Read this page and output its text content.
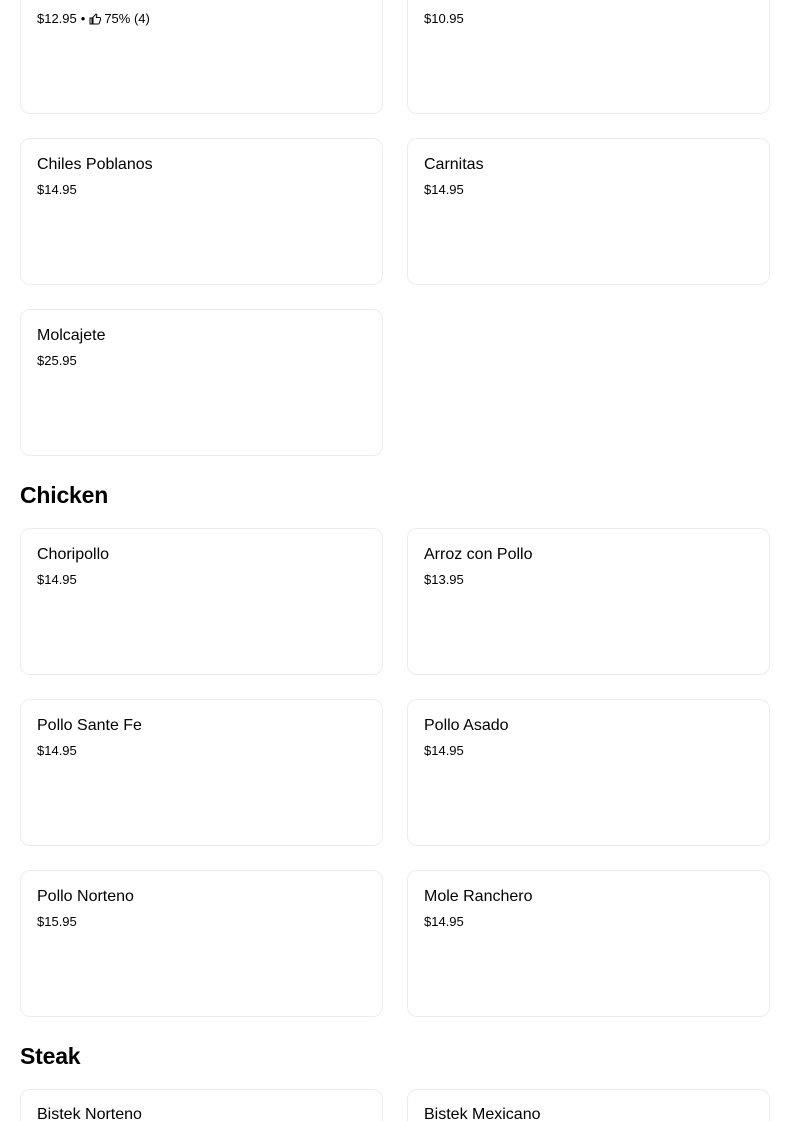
$12.95 • 75% (4)	$10.95
Chiles Poblanos
$14.95
Carnitas
$14.95
Molcajete
$25.95
Chicken
Choripollo
$14.95
Arroz con Pollo
$13.95
Pollo Sante Fe
$14.95
Pollo Asado
$14.95
Pollo Norteno
$15.95
Mole Ranchero
$14.95
Steak
Bistek Norteno	Bistek Mexicano
